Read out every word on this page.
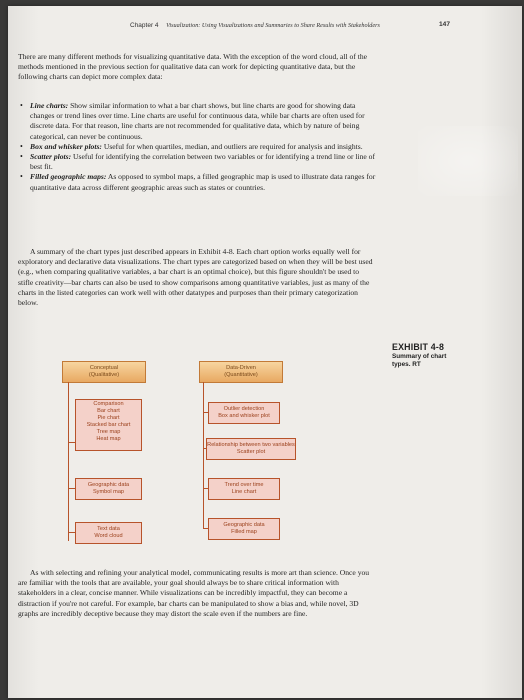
Chapter 4 Visualization: Using Visualizations and Summaries to Share Results with Stakeholders	147
There are many different methods for visualizing quantitative data. With the exception of the word cloud, all of the methods mentioned in the previous section for qualitative data can work for depicting quantitative data, but the following charts can depict more complex data:
• Line charts: Show similar information to what a bar chart shows, but line charts are good for showing data changes or trend lines over time. Line charts are useful for continuous data, while bar charts are often used for discrete data. For that reason, line charts are not recommended for qualitative data, which by nature of being categorical, can never be continuous.
• Box and whisker plots: Useful for when quartiles, median, and outliers are required for analysis and insights.
• Scatter plots: Useful for identifying the correlation between two variables or for identifying a trend line or line of best fit.
• Filled geographic maps: As opposed to symbol maps, a filled geographic map is used to illustrate data ranges for quantitative data across different geographic areas such as states or countries.
A summary of the chart types just described appears in Exhibit 4-8. Each chart option works equally well for exploratory and declarative data visualizations. The chart types are categorized based on when they will be best used (e.g., when comparing qualitative variables, a bar chart is an optimal choice), but this figure shouldn't be used to stifle creativity—bar charts can also be used to show comparisons among quantitative variables, just as many of the charts in the listed categories can work well with other datatypes and purposes than their primary categorization below.
EXHIBIT 4-8
Summary of chart types. RT
Conceptual
(Qualitative)
Comparison
Bar chart
Pie chart
Stacked bar chart
Tree map
Heat map
Geographic data
Symbol map
Text data
Word cloud
Data-Driven
(Quantitative)
Outlier detection
Box and whisker plot
Relationship between two variables
Scatter plot
Trend over time
Line chart
Geographic data
Filled map
As with selecting and refining your analytical model, communicating results is more art than science. Once you are familiar with the tools that are available, your goal should always be to share critical information with stakeholders in a clear, concise manner. While visualizations can be incredibly impactful, they can become a distraction if you're not careful. For example, bar charts can be manipulated to show a bias and, while novel, 3D graphs are incredibly deceptive because they may distort the scale even if the numbers are fine.
